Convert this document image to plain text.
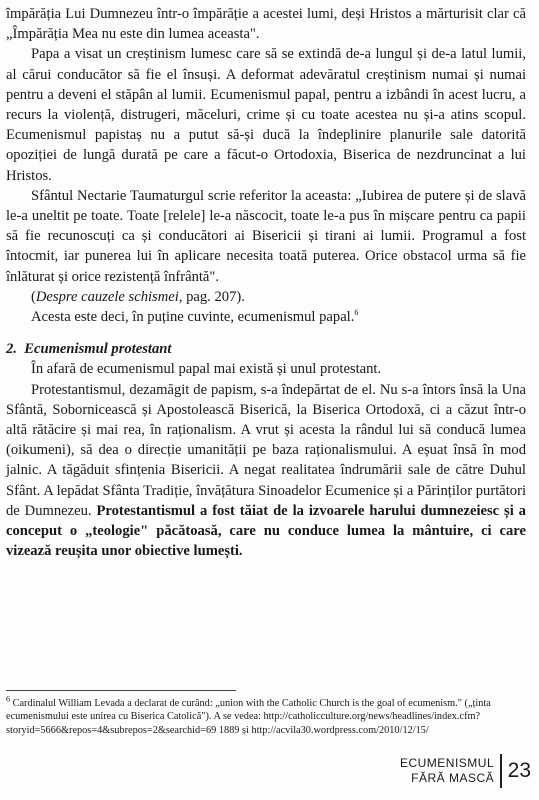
împărăția Lui Dumnezeu într-o împărăție a acestei lumi, deși Hristos a mărturisit clar că „Împărăția Mea nu este din lumea aceasta".

Papa a visat un creștinism lumesc care să se extindă de-a lungul și de-a latul lumii, al cărui conducător să fie el însuși. A deformat adevăratul creștinism numai și numai pentru a deveni el stăpân al lumii. Ecumenismul papal, pentru a izbândi în acest lucru, a recurs la violență, distrugeri, măceluri, crime și cu toate acestea nu și-a atins scopul. Ecumenismul papistaș nu a putut să-și ducă la îndeplinire planurile sale datorită opoziției de lungă durată pe care a făcut-o Ortodoxia, Biserica de nezdruncinat a lui Hristos.

Sfântul Nectarie Taumaturgul scrie referitor la aceasta: „Iubirea de putere și de slavă le-a uneltit pe toate. Toate [relele] le-a născocit, toate le-a pus în mișcare pentru ca papii să fie recunoscuți ca și conducători ai Bisericii și tirani ai lumii. Programul a fost întocmit, iar punerea lui în aplicare necesita toată puterea. Orice obstacol urma să fie înlăturat și orice rezistență înfrântă".

(Despre cauzele schismei, pag. 207).

Acesta este deci, în puține cuvinte, ecumenismul papal.$^6$

2. Ecumenismul protestant

În afară de ecumenismul papal mai există și unul protestant.

Protestantismul, dezamăgit de papism, s-a îndepărtat de el. Nu s-a întors însă la Una Sfântă, Sobornicească și Apostolească Biserică, la Biserica Ortodoxă, ci a căzut într-o altă rătăcire și mai rea, în raționalism. A vrut și acesta la rândul lui să conducă lumea (oikumeni), să dea o direcție umanității pe baza raționalismului. A eșuat însă în mod jalnic. A tăgăduit sfințenia Bisericii. A negat realitatea îndrumării sale de către Duhul Sfânt. A lepădat Sfânta Tradiție, învățătura Sinoadelor Ecumenice și a Părinților purtători de Dumnezeu. Protestantismul a fost tăiat de la izvoarele harului dumnezeiesc și a conceput o „teologie" păcătoasă, care nu conduce lumea la mântuire, ci care vizează reușita unor obiective lumești.

$^6$ Cardinalul William Levada a declarat de curând: „union with the Catholic Church is the goal of ecumenism." („ținta ecumenismului este unirea cu Biserica Catolică"). A se vedea: http://catholicculture.org/news/headlines/index.cfm?storyid=5666&repos=4&subrepos=2&searchid=69 1889 și http://acvila30.wordpress.com/2010/12/15/

ECUMENISMUL
FĂRĂ MASCĂ 23
